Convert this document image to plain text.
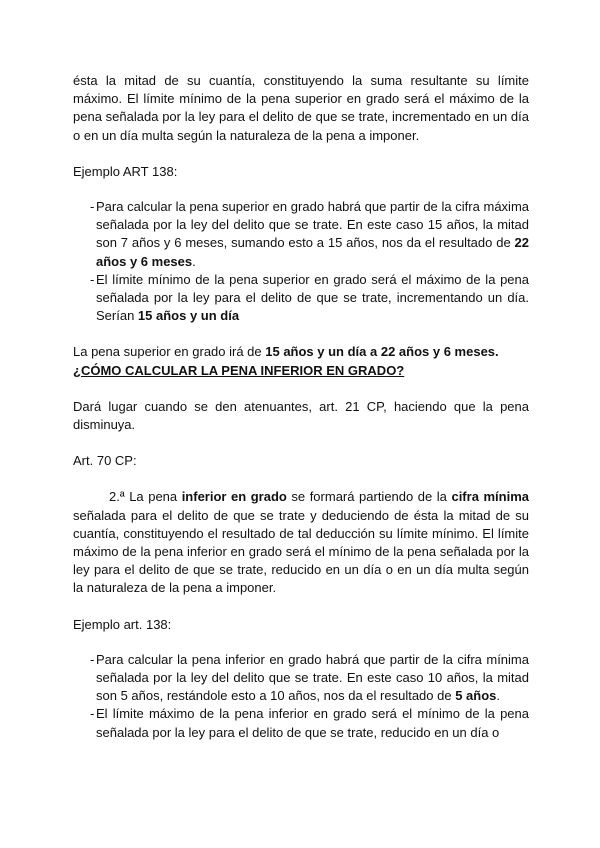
ésta la mitad de su cuantía, constituyendo la suma resultante su límite máximo. El límite mínimo de la pena superior en grado será el máximo de la pena señalada por la ley para el delito de que se trate, incrementado en un día o en un día multa según la naturaleza de la pena a imponer.

Ejemplo ART 138:

- Para calcular la pena superior en grado habrá que partir de la cifra máxima señalada por la ley del delito que se trate. En este caso 15 años, la mitad son 7 años y 6 meses, sumando esto a 15 años, nos da el resultado de 22 años y 6 meses.
- El límite mínimo de la pena superior en grado será el máximo de la pena señalada por la ley para el delito de que se trate, incrementando un día. Serían 15 años y un día

La pena superior en grado irá de 15 años y un día a 22 años y 6 meses.

¿CÓMO CALCULAR LA PENA INFERIOR EN GRADO?

Dará lugar cuando se den atenuantes, art. 21 CP, haciendo que la pena disminuya.

Art. 70 CP:

2.ª La pena inferior en grado se formará partiendo de la cifra mínima señalada para el delito de que se trate y deduciendo de ésta la mitad de su cuantía, constituyendo el resultado de tal deducción su límite mínimo. El límite máximo de la pena inferior en grado será el mínimo de la pena señalada por la ley para el delito de que se trate, reducido en un día o en un día multa según la naturaleza de la pena a imponer.

Ejemplo art. 138:

- Para calcular la pena inferior en grado habrá que partir de la cifra mínima señalada por la ley del delito que se trate. En este caso 10 años, la mitad son 5 años, restándole esto a 10 años, nos da el resultado de 5 años.
- El límite máximo de la pena inferior en grado será el mínimo de la pena señalada por la ley para el delito de que se trate, reducido en un día o
